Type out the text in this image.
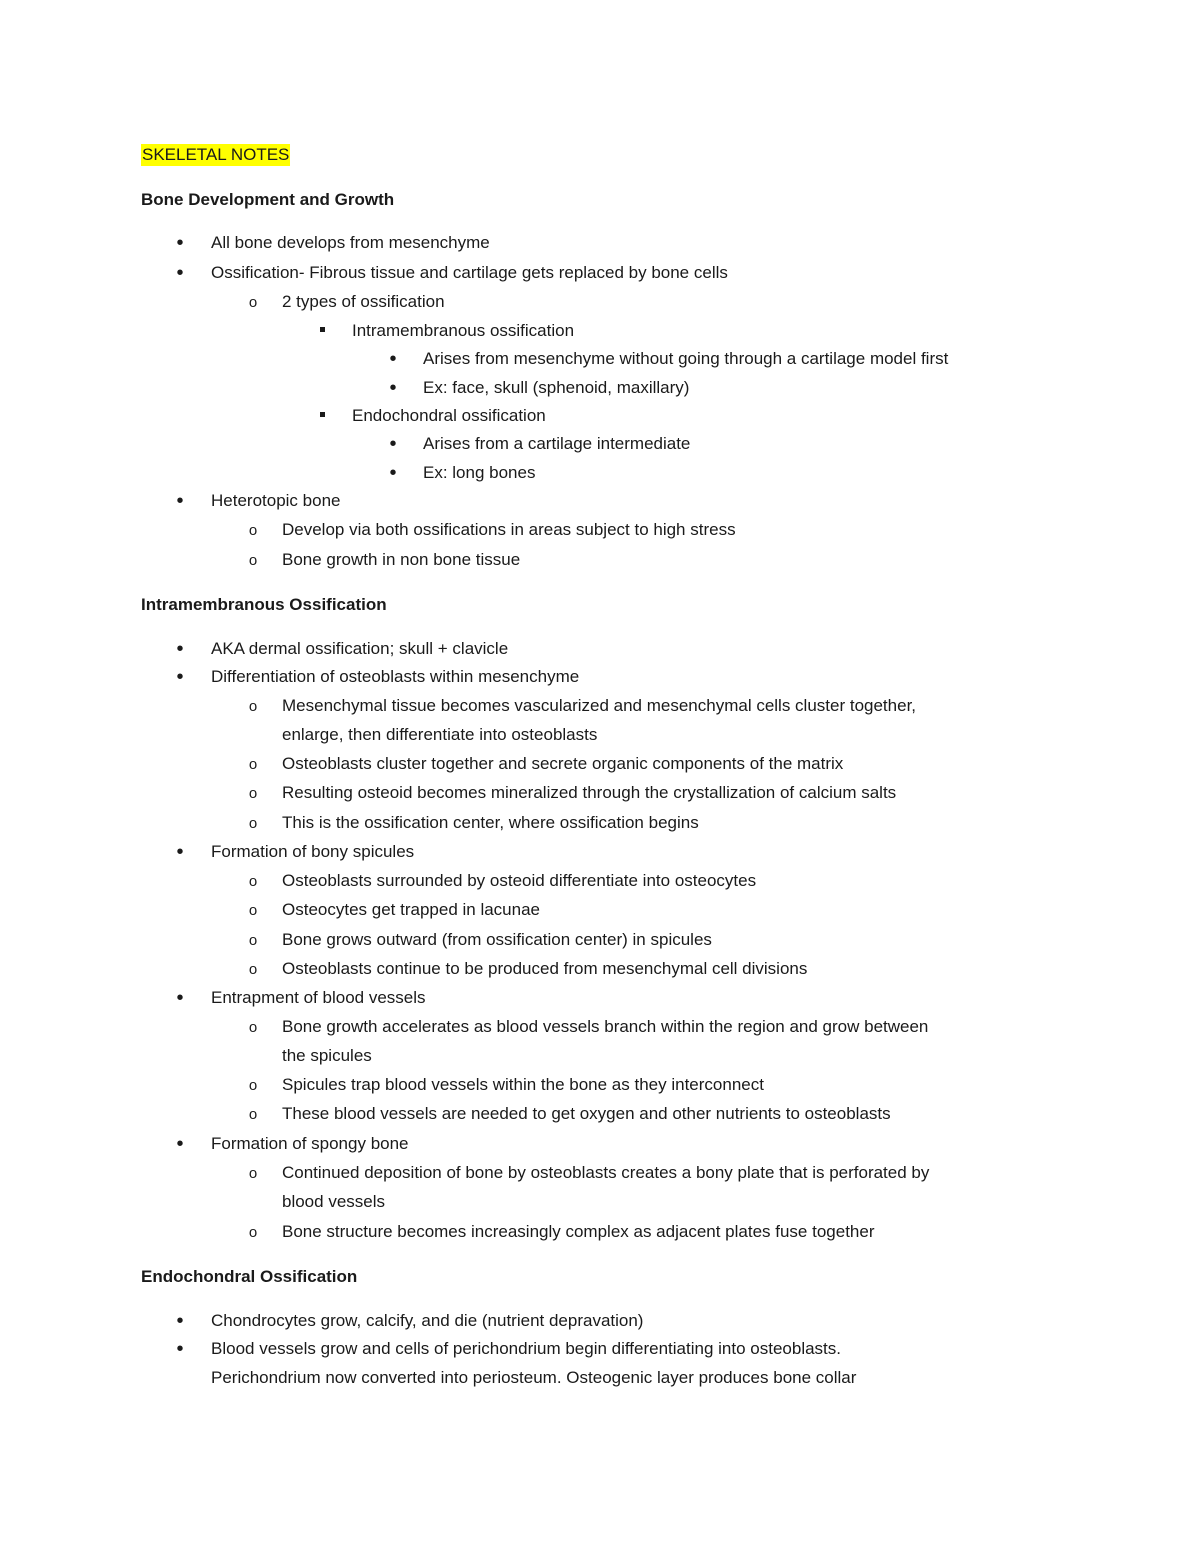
SKELETAL NOTES
Bone Development and Growth
•
All bone develops from mesenchyme
•
Ossification- Fibrous tissue and cartilage gets replaced by bone cells
o
2 types of ossification
Intramembranous ossification
•
Arises from mesenchyme without going through a cartilage model first
•
Ex: face, skull (sphenoid, maxillary)
Endochondral ossification
•
Arises from a cartilage intermediate
•
Ex: long bones
•
Heterotopic bone
o
Develop via both ossifications in areas subject to high stress
o
Bone growth in non bone tissue
Intramembranous Ossification
•
AKA dermal ossification; skull + clavicle
•
Differentiation of osteoblasts within mesenchyme
o
Mesenchymal tissue becomes vascularized and mesenchymal cells cluster together,
enlarge, then differentiate into osteoblasts
o
Osteoblasts cluster together and secrete organic components of the matrix
o
Resulting osteoid becomes mineralized through the crystallization of calcium salts
o
This is the ossification center, where ossification begins
•
Formation of bony spicules
o
Osteoblasts surrounded by osteoid differentiate into osteocytes
o
Osteocytes get trapped in lacunae
o
Bone grows outward (from ossification center) in spicules
o
Osteoblasts continue to be produced from mesenchymal cell divisions
•
Entrapment of blood vessels
o
Bone growth accelerates as blood vessels branch within the region and grow between
the spicules
o
Spicules trap blood vessels within the bone as they interconnect
o
These blood vessels are needed to get oxygen and other nutrients to osteoblasts
•
Formation of spongy bone
o
Continued deposition of bone by osteoblasts creates a bony plate that is perforated by
blood vessels
o
Bone structure becomes increasingly complex as adjacent plates fuse together
Endochondral Ossification
•
Chondrocytes grow, calcify, and die (nutrient depravation)
•
Blood vessels grow and cells of perichondrium begin differentiating into osteoblasts.
Perichondrium now converted into periosteum. Osteogenic layer produces bone collar
